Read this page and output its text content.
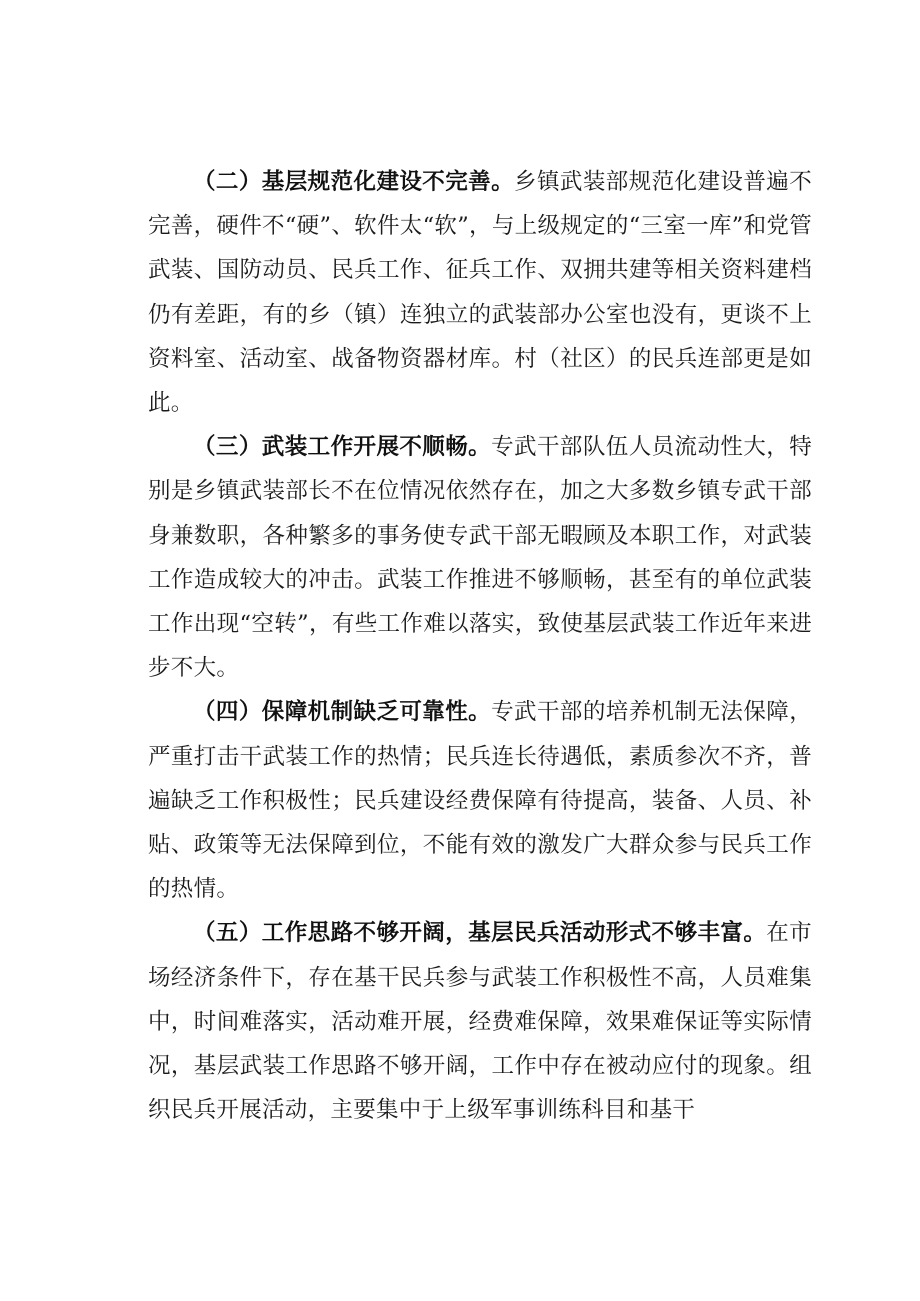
（二）基层规范化建设不完善。乡镇武装部规范化建设普遍不完善，硬件不“硬”、软件太“软”，与上级规定的“三室一库”和党管武装、国防动员、民兵工作、征兵工作、双拥共建等相关资料建档仍有差距，有的乡（镇）连独立的武装部办公室也没有，更谈不上资料室、活动室、战备物资器材库。村（社区）的民兵连部更是如此。

（三）武装工作开展不顺畅。专武干部队伍人员流动性大，特别是乡镇武装部长不在位情况依然存在，加之大多数乡镇专武干部身兼数职，各种繁多的事务使专武干部无暇顾及本职工作，对武装工作造成较大的冲击。武装工作推进不够顺畅，甚至有的单位武装工作出现“空转”，有些工作难以落实，致使基层武装工作近年来进步不大。

（四）保障机制缺乏可靠性。专武干部的培养机制无法保障，严重打击干武装工作的热情；民兵连长待遇低，素质参次不齐，普遍缺乏工作积极性；民兵建设经费保障有待提高，装备、人员、补贴、政策等无法保障到位，不能有效的激发广大群众参与民兵工作的热情。

（五）工作思路不够开阔，基层民兵活动形式不够丰富。在市场经济条件下，存在基干民兵参与武装工作积极性不高，人员难集中，时间难落实，活动难开展，经费难保障，效果难保证等实际情况，基层武装工作思路不够开阔，工作中存在被动应付的现象。组织民兵开展活动，主要集中于上级军事训练科目和基干
